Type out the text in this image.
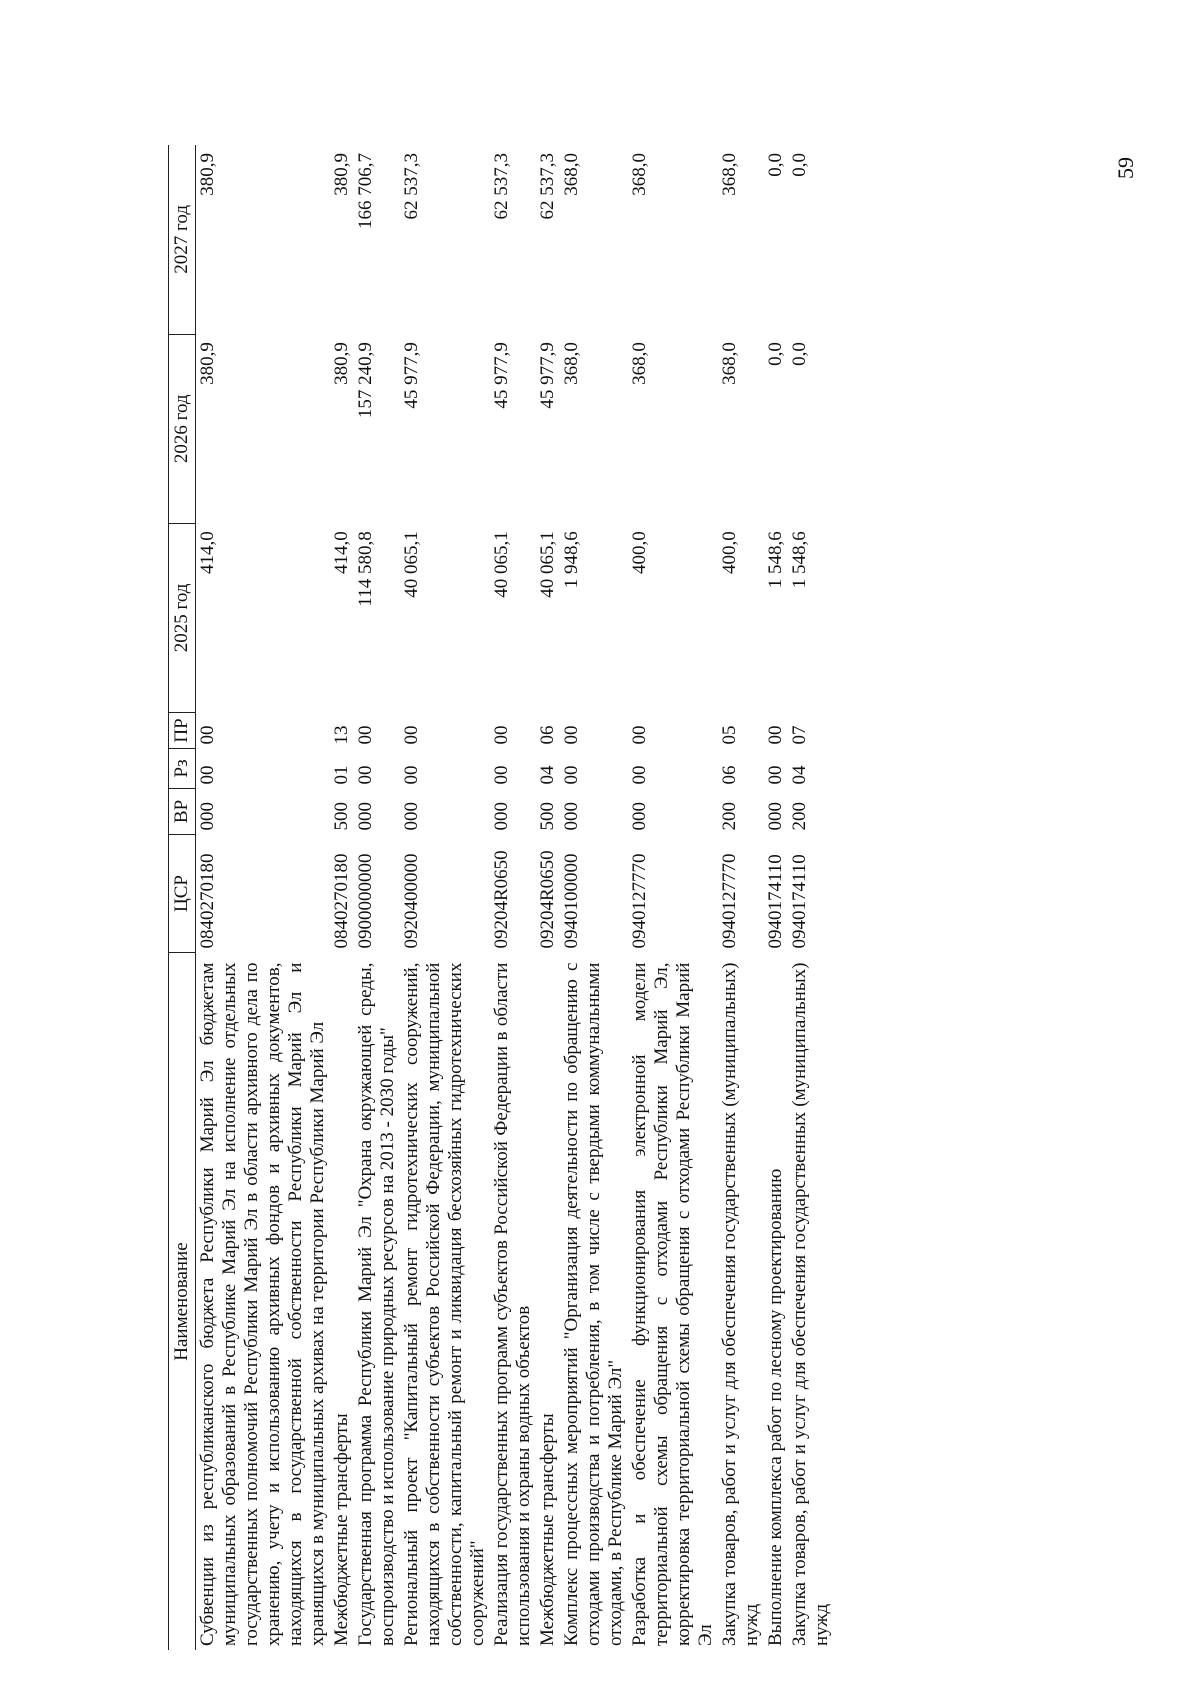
59
Наименование	ЦСР	ВР	Рз	ПР	2025 год	2026 год	2027 год
Субвенции из республиканского бюджета Республики Марий Эл бюджетам муниципальных образований в Республике Марий Эл на исполнение отдельных государственных полномочий Республики Марий Эл в области архивного дела по хранению, учету и использованию архивных фондов и архивных документов, находящихся в государственной собственности Республики Марий Эл и хранящихся в муниципальных архивах на территории Республики Марий Эл	0840270180	000	00	00	414,0	380,9	380,9
Межбюджетные трансферты	0840270180	500	01	13	414,0	380,9	380,9
Государственная программа Республики Марий Эл "Охрана окружающей среды, воспроизводство и использование природных ресурсов на 2013 - 2030 годы"	0900000000	000	00	00	114 580,8	157 240,9	166 706,7
Региональный проект "Капитальный ремонт гидротехнических сооружений, находящихся в собственности субъектов Российской Федерации, муниципальной собственности, капитальный ремонт и ликвидация бесхозяйных гидротехнических сооружений"	0920400000	000	00	00	40 065,1	45 977,9	62 537,3
Реализация государственных программ субъектов Российской Федерации в области использования и охраны водных объектов	09204R0650	000	00	00	40 065,1	45 977,9	62 537,3
Межбюджетные трансферты	09204R0650	500	04	06	40 065,1	45 977,9	62 537,3
Комплекс процессных мероприятий "Организация деятельности по обращению с отходами производства и потребления, в том числе с твердыми коммунальными отходами, в Республике Марий Эл"	0940100000	000	00	00	1 948,6	368,0	368,0
Разработка и обеспечение функционирования электронной модели территориальной схемы обращения с отходами Республики Марий Эл, корректировка территориальной схемы обращения с отходами Республики Марий Эл	0940127770	000	00	00	400,0	368,0	368,0
Закупка товаров, работ и услуг для обеспечения государственных (муниципальных) нужд	0940127770	200	06	05	400,0	368,0	368,0
Выполнение комплекса работ по лесному проектированию	0940174110	000	00	00	1 548,6	0,0	0,0
Закупка товаров, работ и услуг для обеспечения государственных (муниципальных) нужд	0940174110	200	04	07	1 548,6	0,0	0,0
